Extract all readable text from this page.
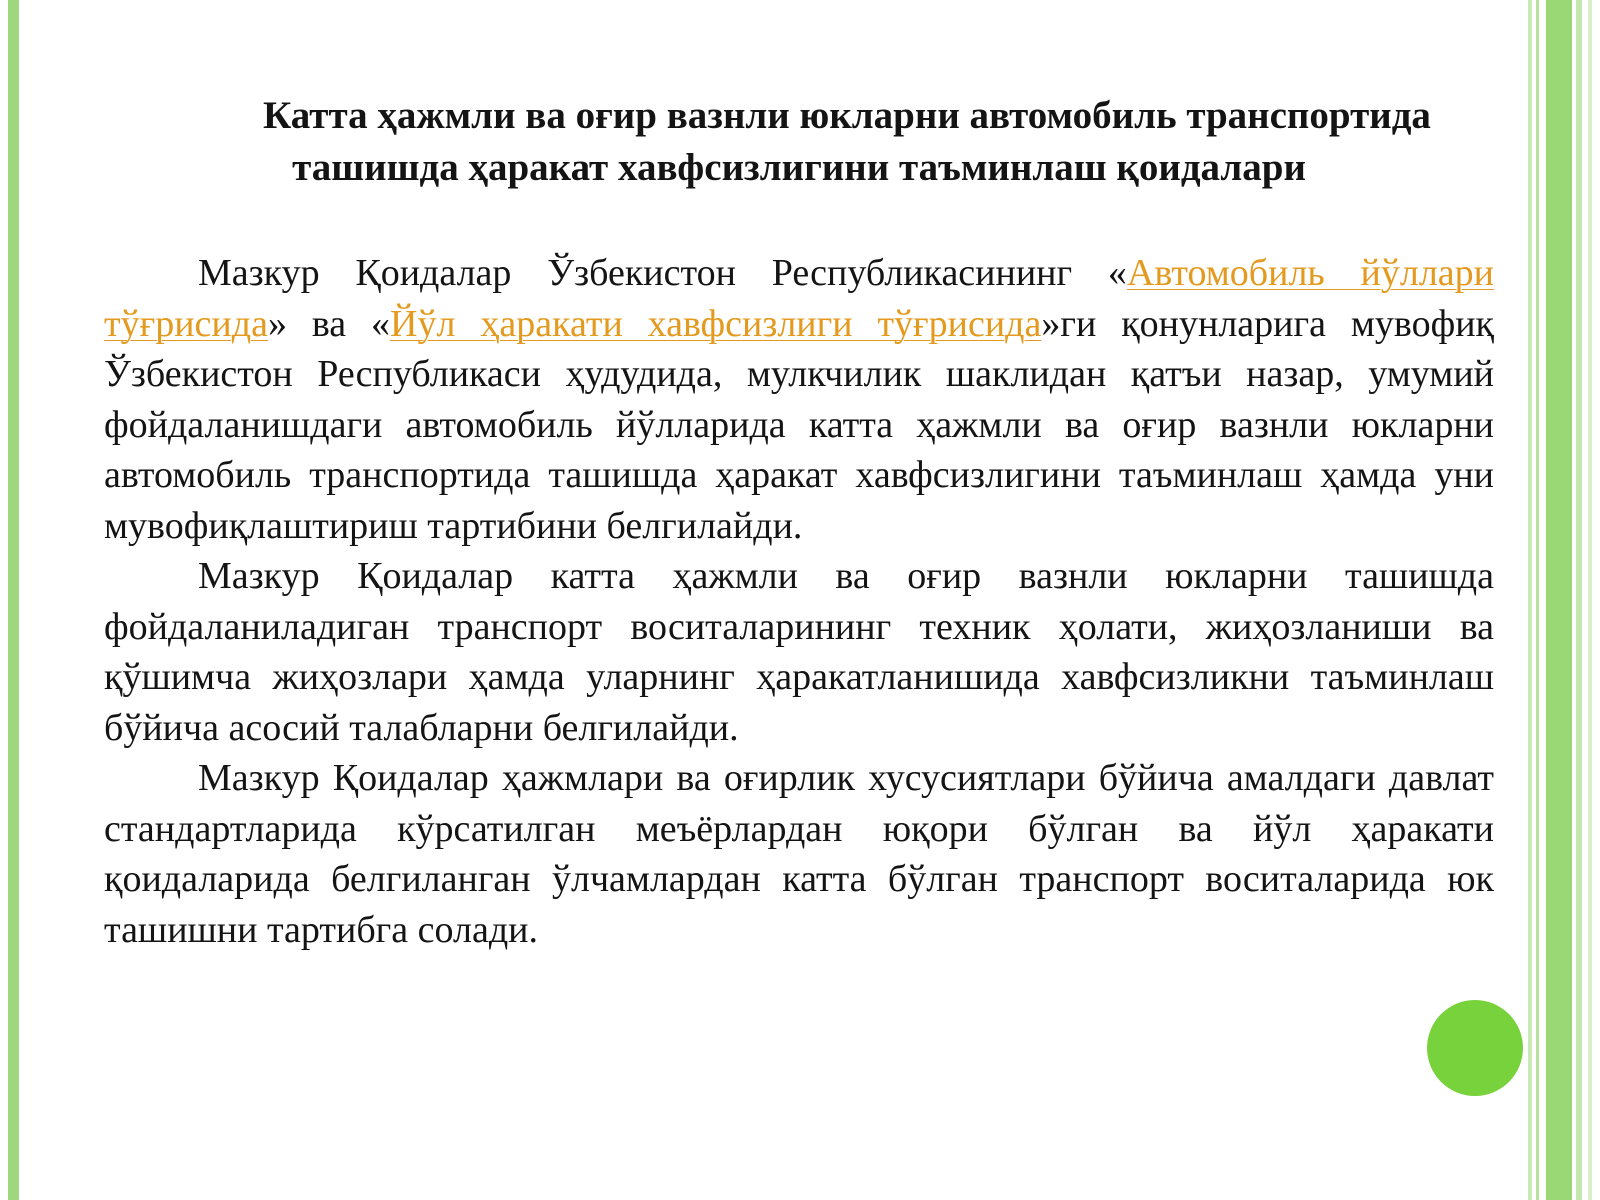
Катта ҳажмли ва оғир вазнли юкларни автомобиль транспортида ташишда ҳаракат хавфсизлигини таъминлаш қоидалари

Мазкур Қоидалар Ўзбекистон Республикасининг «Автомобиль йўллари тўғрисида» ва «Йўл ҳаракати хавфсизлиги тўғрисида»ги қонунларига мувофиқ Ўзбекистон Республикаси ҳудудида, мулкчилик шаклидан қатъи назар, умумий фойдаланишдаги автомобиль йўлларида катта ҳажмли ва оғир вазнли юкларни автомобиль транспортида ташишда ҳаракат хавфсизлигини таъминлаш ҳамда уни мувофиқлаштириш тартибини белгилайди.

Мазкур Қоидалар катта ҳажмли ва оғир вазнли юкларни ташишда фойдаланиладиган транспорт воситаларининг техник ҳолати, жиҳозланиши ва қўшимча жиҳозлари ҳамда уларнинг ҳаракатланишида хавфсизликни таъминлаш бўйича асосий талабларни белгилайди.

Мазкур Қоидалар ҳажмлари ва оғирлик хусусиятлари бўйича амалдаги давлат стандартларида кўрсатилган меъёрлардан юқори бўлган ва йўл ҳаракати қоидаларида белгиланган ўлчамлардан катта бўлган транспорт воситаларида юк ташишни тартибга солади.
